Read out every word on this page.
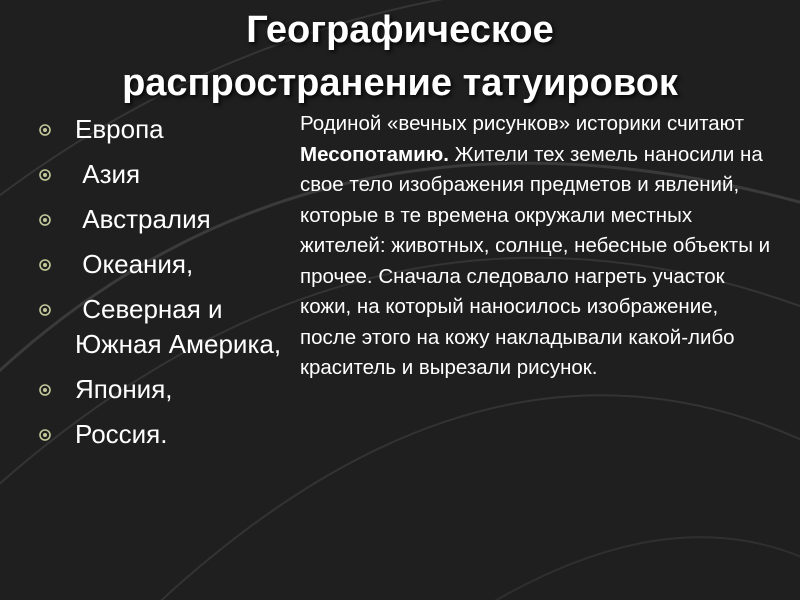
Географическое
распространение татуировок
Европа
Азия
Австралия
Океания,
Северная и Южная Америка,
Япония,
Россия.
Родиной «вечных рисунков» историки считают Месопотамию. Жители тех земель наносили на свое тело изображения предметов и явлений, которые в те времена окружали местных жителей: животных, солнце, небесные объекты и прочее. Сначала следовало нагреть участок кожи, на который наносилось изображение, после этого на кожу накладывали какой-либо краситель и вырезали рисунок.
